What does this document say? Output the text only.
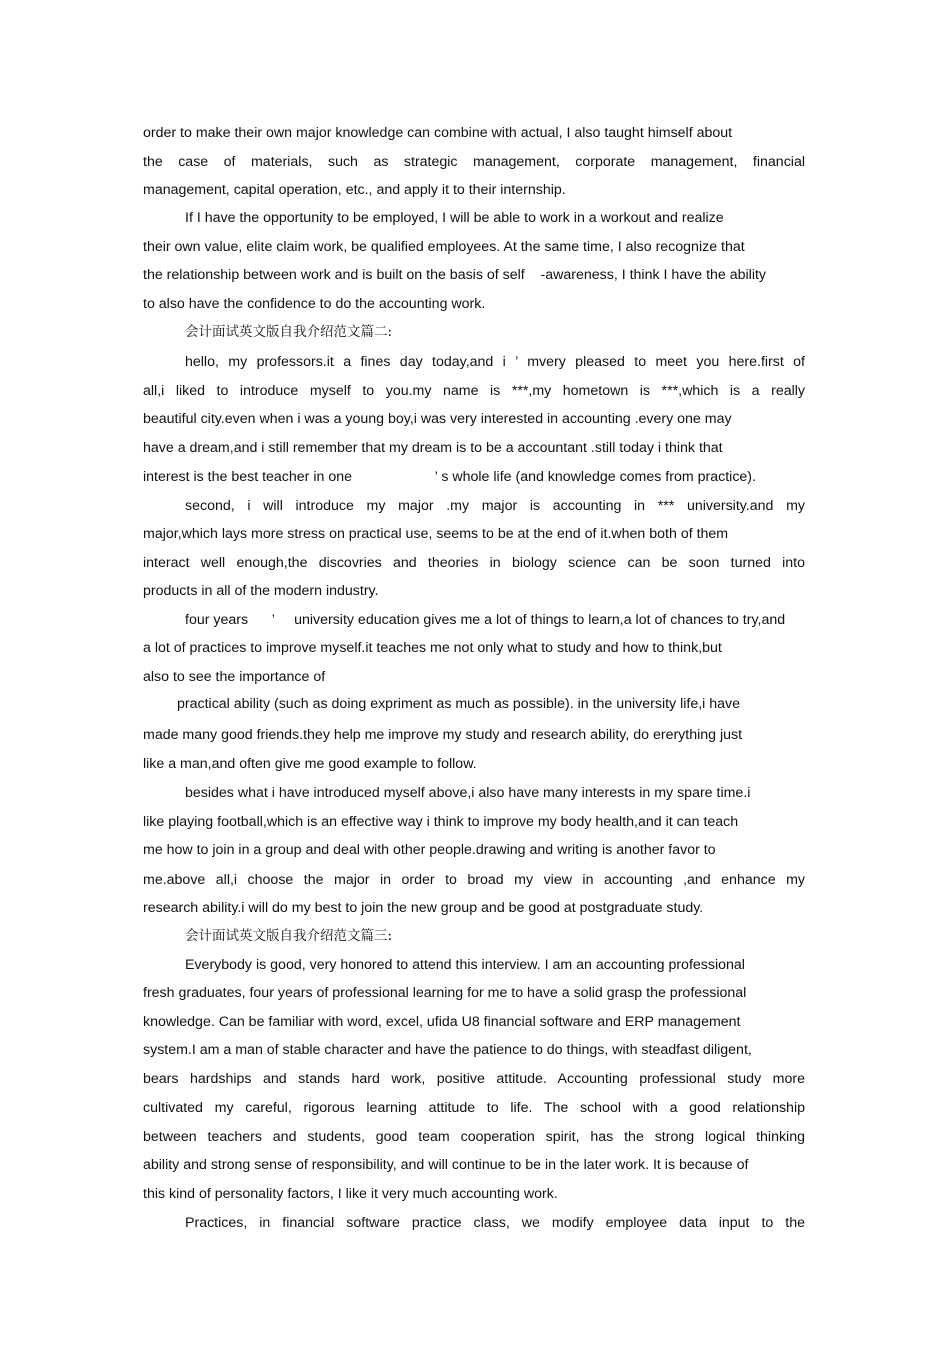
order to make their own major knowledge can combine with actual, I also taught himself about
the case of materials, such as strategic management, corporate management, financial
management, capital operation, etc., and apply it to their internship.
If I have the opportunity to be employed, I will be able to work in a workout and realize
their own value, elite claim work, be qualified employees. At the same time, I also recognize that
the relationship between work and is built on the basis of self    -awareness, I think I have the ability
to also have the confidence to do the accounting work.
会计面试英文版自我介绍范文篇二:
hello, my professors.it a fines day today,and i ’ mvery pleased to meet you here.first of
all,i liked to introduce myself to you.my name is ***,my hometown is ***,which is a really
beautiful city.even when i was a young boy,i was very interested in accounting .every one may
have a dream,and i still remember that my dream is to be a accountant .still today i think that
interest is the best teacher in one                     ’ s whole life (and knowledge comes from practice).
second, i will introduce my major .my major is accounting in *** university.and my
major,which lays more stress on practical use, seems to be at the end of it.when both of them
interact well enough,the discovries and theories in biology science can be soon turned into
products in all of the modern industry.
four years      ’     university education gives me a lot of things to learn,a lot of chances to try,and
a lot of practices to improve myself.it teaches me not only what to study and how to think,but
also to see the importance of
practical ability (such as doing expriment as much as possible). in the university life,i have
made many good friends.they help me improve my study and research ability, do ererything just
like a man,and often give me good example to follow.
besides what i have introduced myself above,i also have many interests in my spare time.i
like playing football,which is an effective way i think to improve my body health,and it can teach
me how to join in a group and deal with other people.drawing and writing is another favor to
me.above all,i choose the major in order to broad my view in accounting ,and enhance my
research ability.i will do my best to join the new group and be good at postgraduate study.
会计面试英文版自我介绍范文篇三:
Everybody is good, very honored to attend this interview. I am an accounting professional
fresh graduates, four years of professional learning for me to have a solid grasp the professional
knowledge. Can be familiar with word, excel, ufida U8 financial software and ERP management
system.I am a man of stable character and have the patience to do things, with steadfast diligent,
bears hardships and stands hard work, positive attitude. Accounting professional study more
cultivated my careful, rigorous learning attitude to life. The school with a good relationship
between teachers and students, good team cooperation spirit, has the strong logical thinking
ability and strong sense of responsibility, and will continue to be in the later work. It is because of
this kind of personality factors, I like it very much accounting work.
Practices, in financial software practice class, we modify employee data input to the
